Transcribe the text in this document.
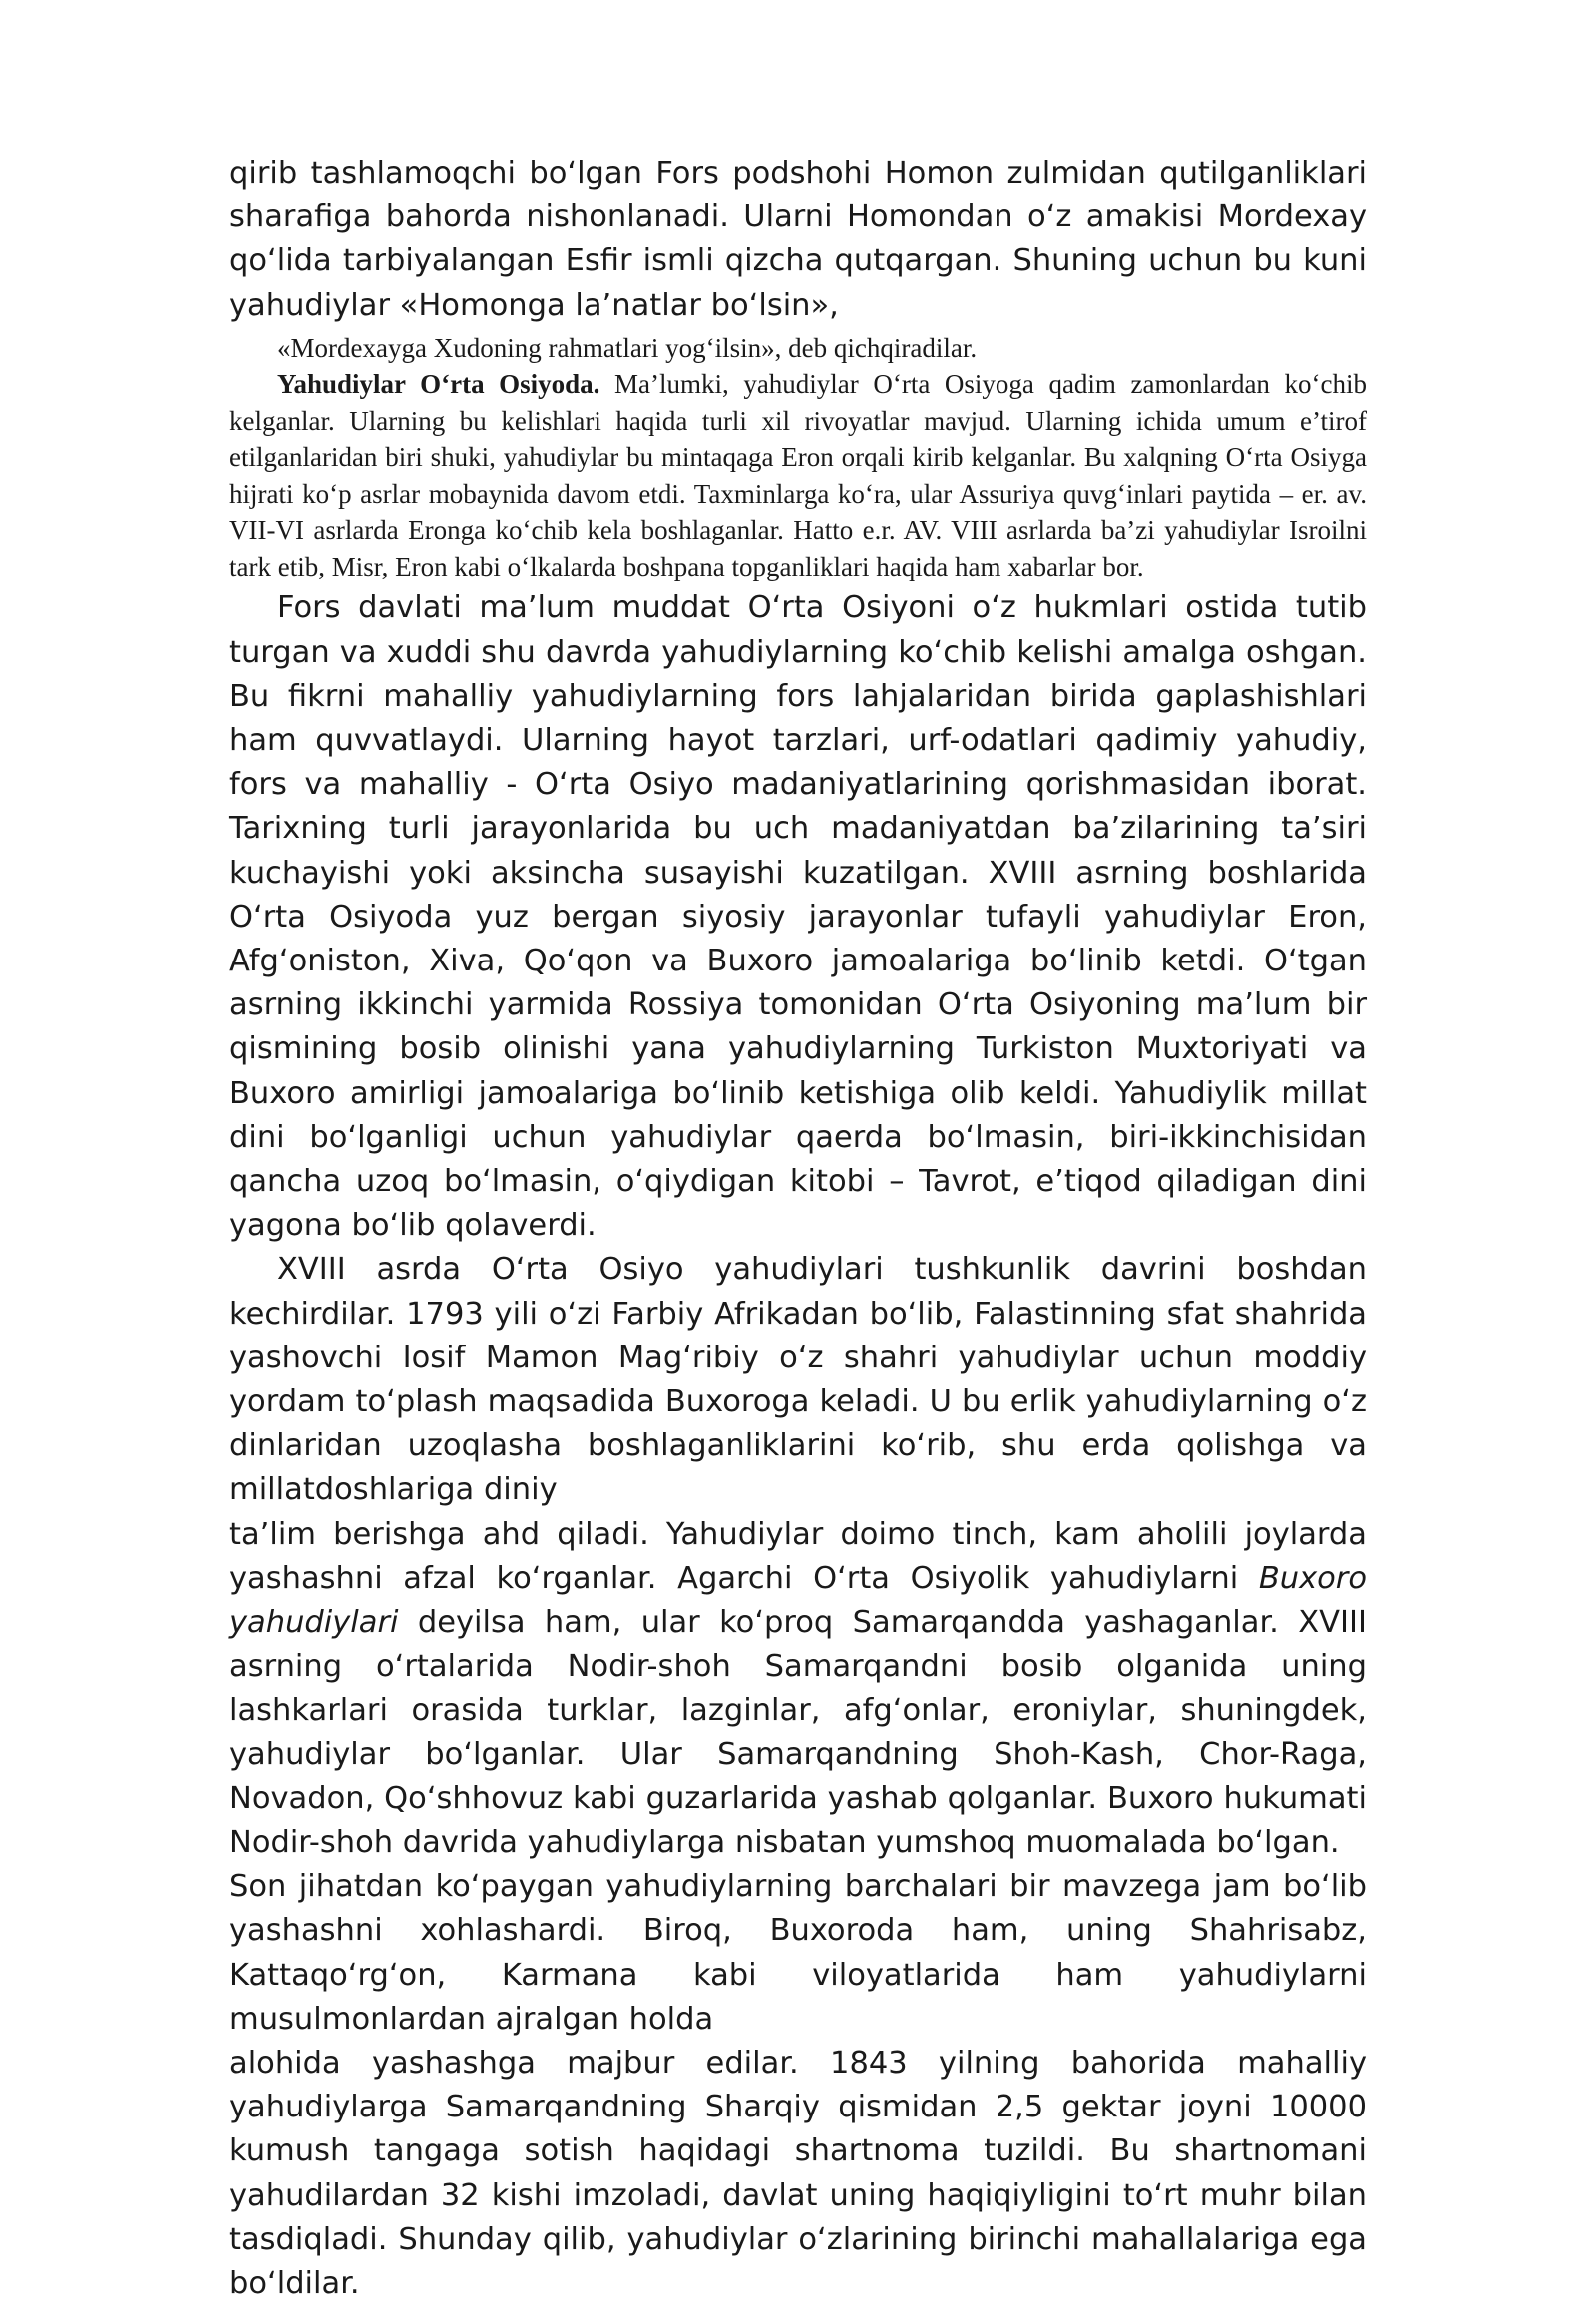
qirib tashlamoqchi boʻlgan Fors podshohi Homon zulmidan qutilganliklari sharafiga bahorda nishonlanadi. Ularni Homondan oʻz amakisi Mordexay qoʻlida tarbiyalangan Esfir ismli qizcha qutqargan. Shuning uchun bu kuni yahudiylar «Homonga laʼnatlar boʻlsin»,

«Mordexayga Xudoning rahmatlari yog‘ilsin», deb qichqiradilar.

Yahudiylar O‘rta Osiyoda. Ma’lumki, yahudiylar O‘rta Osiyoga qadim zamonlardan ko‘chib kelganlar. Ularning bu kelishlari haqida turli xil rivoyatlar mavjud. Ularning ichida umum e’tirof etilganlaridan biri shuki, yahudiylar bu mintaqaga Eron orqali kirib kelganlar. Bu xalqning O‘rta Osiyga hijrati ko‘p asrlar mobaynida davom etdi. Taxminlarga ko‘ra, ular Assuriya quvg‘inlari paytida – er. av. VII-VI asrlarda Eronga ko‘chib kela boshlaganlar. Hatto e.r. AV. VIII asrlarda ba’zi yahudiylar Isroilni tark etib, Misr, Eron kabi o‘lkalarda boshpana topganliklari haqida ham xabarlar bor.

Fors davlati maʼlum muddat Oʻrta Osiyoni oʻz hukmlari ostida tutib turgan va xuddi shu davrda yahudiylarning koʻchib kelishi amalga oshgan. Bu fikrni mahalliy yahudiylarning fors lahjalaridan birida gaplashishlari ham quvvatlaydi. Ularning hayot tarzlari, urf-odatlari qadimiy yahudiy, fors va mahalliy - Oʻrta Osiyo madaniyatlarining qorishmasidan iborat. Tarixning turli jarayonlarida bu uch madaniyatdan baʼzilarining taʼsiri kuchayishi yoki aksincha susayishi kuzatilgan. XVIII asrning boshlarida Oʻrta Osiyoda yuz bergan siyosiy jarayonlar tufayli yahudiylar Eron, Afgʻoniston, Xiva, Qoʻqon va Buxoro jamoalariga boʻlinib ketdi. Oʻtgan asrning ikkinchi yarmida Rossiya tomonidan Oʻrta Osiyoning maʼlum bir qismining bosib olinishi yana yahudiylarning Turkiston Muxtoriyati va Buxoro amirligi jamoalariga boʻlinib ketishiga olib keldi. Yahudiylik millat dini boʻlganligi uchun yahudiylar qaerda boʻlmasin, biri-ikkinchisidan qancha uzoq boʻlmasin, oʻqiydigan kitobi – Tavrot, eʼtiqod qiladigan dini yagona boʻlib qolaverdi.

XVIII asrda Oʻrta Osiyo yahudiylari tushkunlik davrini boshdan kechirdilar. 1793 yili oʻzi Farbiy Afrikadan boʻlib, Falastinning sfat shahrida yashovchi Iosif Mamon Magʻribiy oʻz shahri yahudiylar uchun moddiy yordam toʻplash maqsadida Buxoroga keladi. U bu erlik yahudiylarning oʻz dinlaridan uzoqlasha boshlaganliklarini koʻrib, shu erda qolishga va millatdoshlariga diniy

taʼlim berishga ahd qiladi. Yahudiylar doimo tinch, kam aholili joylarda yashashni afzal koʻrganlar. Agarchi Oʻrta Osiyolik yahudiylarni Buxoro yahudiylari deyilsa ham, ular koʻproq Samarqandda yashaganlar. XVIII asrning oʻrtalarida Nodir-shoh Samarqandni bosib olganida uning lashkarlari orasida turklar, lazginlar, afgʻonlar, eroniylar, shuningdek, yahudiylar boʻlganlar. Ular Samarqandning Shoh-Kash, Chor-Raga, Novadon, Qoʻshhovuz kabi guzarlarida yashab qolganlar. Buxoro hukumati Nodir-shoh davrida yahudiylarga nisbatan yumshoq muomalada boʻlgan.

Son jihatdan koʻpaygan yahudiylarning barchalari bir mavzega jam boʻlib yashashni xohlashardi. Biroq, Buxoroda ham, uning Shahrisabz, Kattaqoʻrgʻon, Karmana kabi viloyatlarida ham yahudiylarni musulmonlardan ajralgan holda

alohida yashashga majbur edilar. 1843 yilning bahorida mahalliy yahudiylarga Samarqandning Sharqiy qismidan 2,5 gektar joyni 10000 kumush tangaga sotish haqidagi shartnoma tuzildi. Bu shartnomani yahudilardan 32 kishi imzoladi, davlat uning haqiqiyligini toʻrt muhr bilan tasdiqladi. Shunday qilib, yahudiylar oʻzlarining birinchi mahallalariga ega boʻldilar.
